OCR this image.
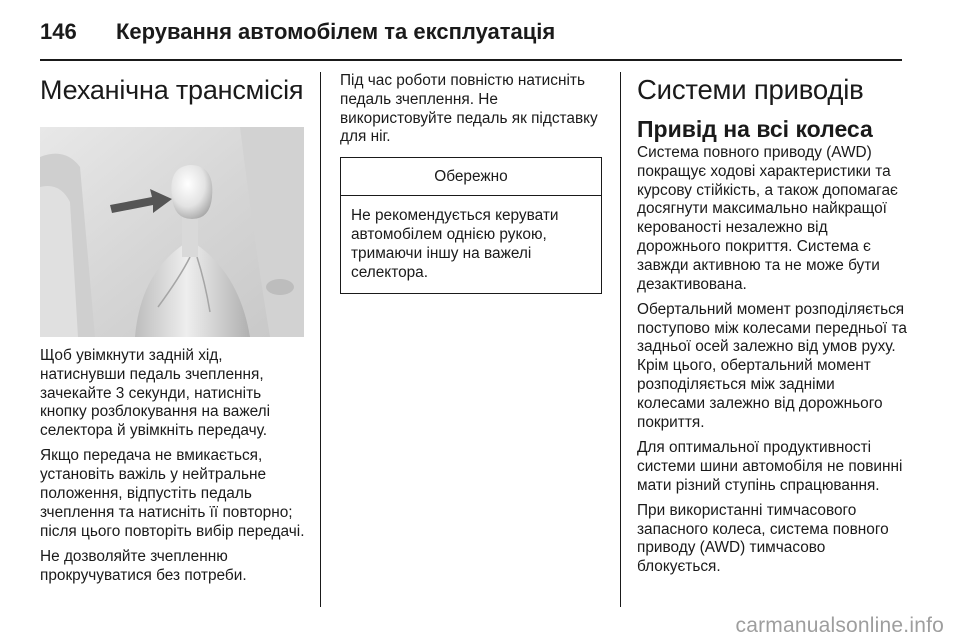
146	Керування автомобілем та експлуатація
Механічна трансмісія

Щоб увімкнути задній хід, натиснувши педаль зчеплення, зачекайте 3 секунди, натисніть кнопку розблокування на важелі селектора й увімкніть передачу.

Якщо передача не вмикається, установіть важіль у нейтральне положення, відпустіть педаль зчеплення та натисніть її повторно; після цього повторіть вибір передачі.

Не дозволяйте зчепленню прокручуватися без потреби.

Під час роботи повністю натисніть педаль зчеплення. Не використовуйте педаль як підставку для ніг.

Обережно

Не рекомендується керувати автомобілем однією рукою, тримаючи іншу на важелі селектора.

Системи приводів
Привід на всі колеса

Система повного приводу (AWD) покращує ходові характеристики та курсову стійкість, а також допомагає досягнути максимально найкращої керованості незалежно від дорожнього покриття. Система є завжди активною та не може бути дезактивована.

Обертальний момент розподіляється поступово між колесами передньої та задньої осей залежно від умов руху. Крім цього, обертальний момент розподіляється між задніми колесами залежно від дорожнього покриття.

Для оптимальної продуктивності системи шини автомобіля не повинні мати різний ступінь спрацювання.

При використанні тимчасового запасного колеса, система повного приводу (AWD) тимчасово блокується.

carmanualsonline.info
